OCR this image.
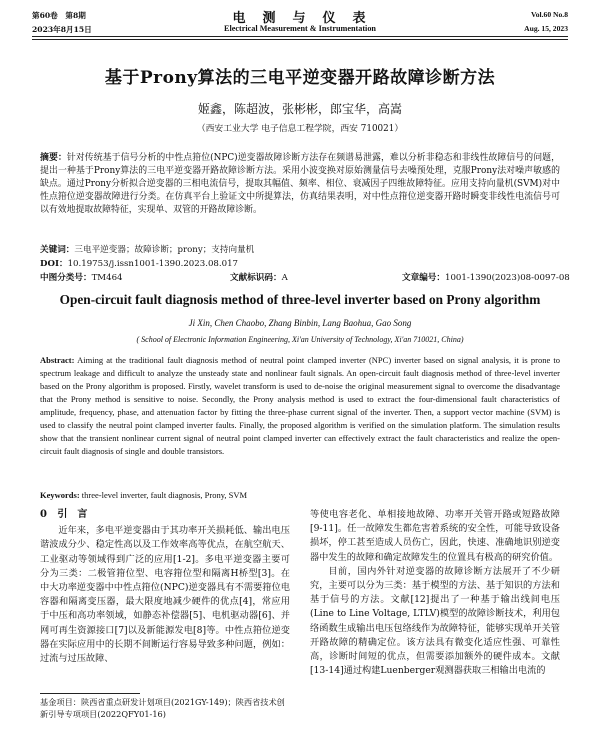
第60卷　第8期
2023年8月15日
电　测　与　仪　表
Electrical Measurement & Instrumentation
Vol.60 No.8
Aug. 15, 2023
基于Prony算法的三电平逆变器开路故障诊断方法
姬鑫，陈超波，张彬彬，郎宝华，高嵩
（西安工业大学 电子信息工程学院，西安 710021）
摘要：针对传统基于信号分析的中性点箝位(NPC)逆变器故障诊断方法存在频谱易泄露，难以分析非稳态和非线性故障信号的问题，提出一种基于Prony算法的三电平逆变器开路故障诊断方法。采用小波变换对原始测量信号去噪预处理，克服Prony法对噪声敏感的缺点。通过Prony分析拟合逆变器的三相电流信号，提取其幅值、频率、相位、衰减因子四维故障特征。应用支持向量机(SVM)对中性点箝位逆变器故障进行分类。在仿真平台上验证文中所提算法，仿真结果表明，对中性点箝位逆变器开路时瞬变非线性电流信号可以有效地提取故障特征，实现单、双管的开路故障诊断。
关键词：三电平逆变器；故障诊断；prony；支持向量机
DOI：10.19753/j.issn1001-1390.2023.08.017
中图分类号：TM464	文献标识码：A	文章编号：1001-1390(2023)08-0097-08
Open-circuit fault diagnosis method of three-level inverter based on Prony algorithm
Ji Xin, Chen Chaobo, Zhang Binbin, Lang Baohua, Gao Song
( School of Electronic Information Engineering, Xi'an University of Technology, Xi'an 710021, China)
Abstract: Aiming at the traditional fault diagnosis method of neutral point clamped inverter (NPC) inverter based on signal analysis, it is prone to spectrum leakage and difficult to analyze the unsteady state and nonlinear fault signals. An open-circuit fault diagnosis method of three-level inverter based on the Prony algorithm is proposed. Firstly, wavelet transform is used to de-noise the original measurement signal to overcome the disadvantage that the Prony method is sensitive to noise. Secondly, the Prony analysis method is used to extract the four-dimensional fault characteristics of amplitude, frequency, phase, and attenuation factor by fitting the three-phase current signal of the inverter. Then, a support vector machine (SVM) is used to classify the neutral point clamped inverter faults. Finally, the proposed algorithm is verified on the simulation platform. The simulation results show that the transient nonlinear current signal of neutral point clamped inverter can effectively extract the fault characteristics and realize the open-circuit fault diagnosis of single and double transistors.
Keywords: three-level inverter, fault diagnosis, Prony, SVM
0 引　言

近年来，多电平逆变器由于其功率开关损耗低、输出电压谐波成分少、稳定性高以及工作效率高等优点，在航空航天、工业驱动等领域得到广泛的应用[1-2]。多电平逆变器主要可分为三类：二极管箝位型、电容箝位型和隔离H桥型[3]。在中大功率逆变器中中性点箝位(NPC)逆变器具有不需要箝位电容器和隔离变压器，最大限度地减少硬件的优点[4]，常应用于中压和高功率领域，如静态补偿器[5]、电机驱动器[6]、并网可再生资源接口[7]以及新能源发电[8]等。中性点箝位逆变器在实际应用中的长期不间断运行容易导致多种问题，例如：过流与过压故障、

等使电容老化、单相接地故障、功率开关管开路或短路故障[9-11]。任一故障发生都危害着系统的安全性，可能导致设备损坏，停工甚至造成人员伤亡，因此，快速、准确地识别逆变器中发生的故障和确定故障发生的位置具有极高的研究价值。

目前，国内外针对逆变器的故障诊断方法展开了不少研究，主要可以分为三类：基于模型的方法、基于知识的方法和基于信号的方法。文献[12]提出了一种基于输出线间电压(Line to Line Voltage, LTLV)模型的故障诊断技术，利用包络函数生成输出电压包络线作为故障特征，能够实现单开关管开路故障的精确定位。该方法具有微变化适应性强、可靠性高，诊断时间短的优点，但需要添加额外的硬件成本。文献[13-14]通过构建Luenberger观测器获取三相输出电流的

基金项目：陕西省重点研发计划项目(2021GY-149)；陕西省技术创新引导专项项目(2022QFY01-16)
